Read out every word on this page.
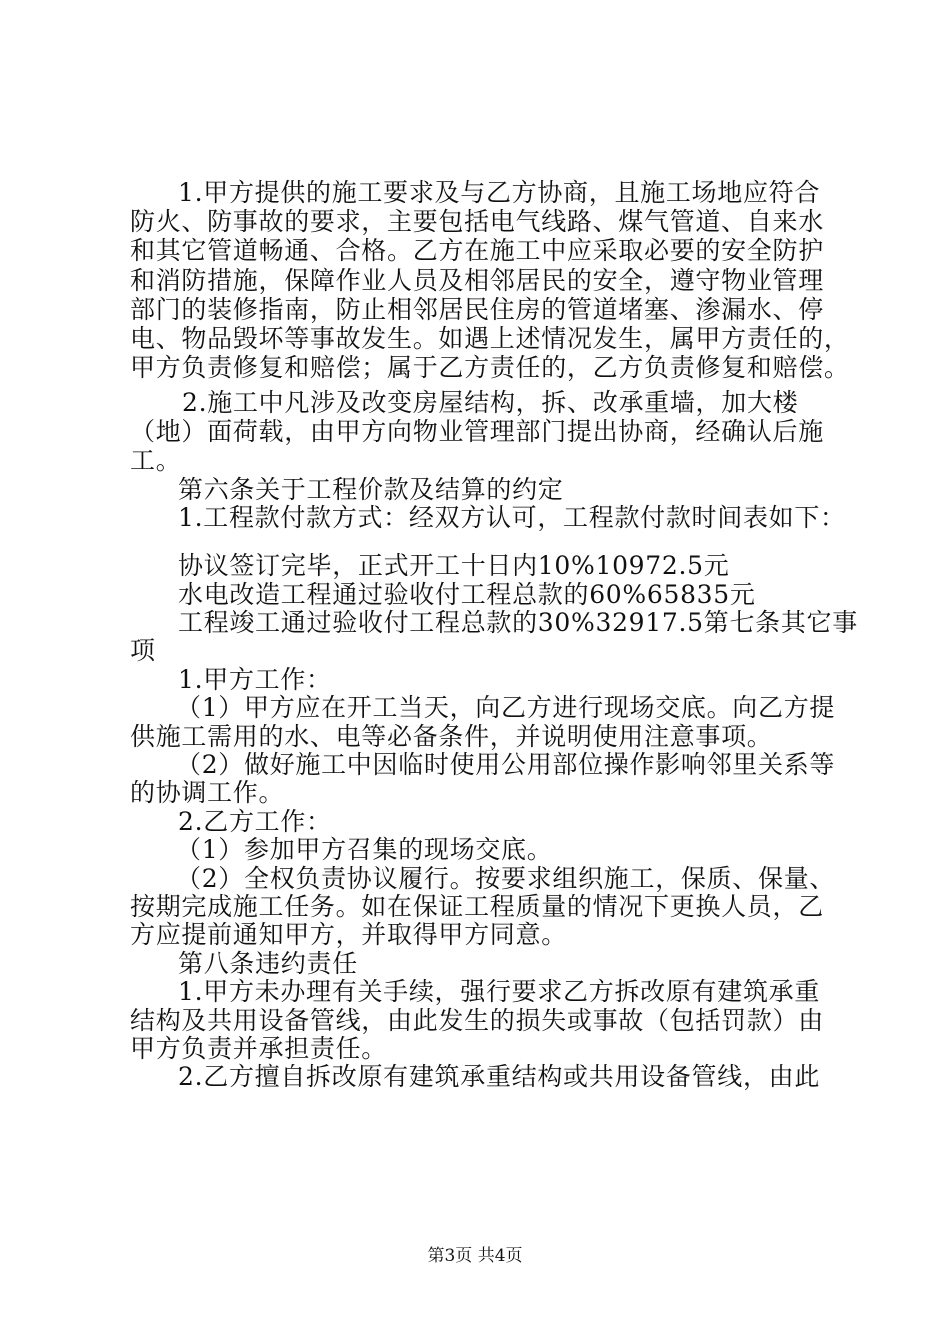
1.甲方提供的施工要求及与乙方协商，且施工场地应符合
防火、防事故的要求，主要包括电气线路、煤气管道、自来水
和其它管道畅通、合格。乙方在施工中应采取必要的安全防护
和消防措施，保障作业人员及相邻居民的安全，遵守物业管理
部门的装修指南，防止相邻居民住房的管道堵塞、渗漏水、停
电、物品毁坏等事故发生。如遇上述情况发生，属甲方责任的，
甲方负责修复和赔偿；属于乙方责任的，乙方负责修复和赔偿。
2.施工中凡涉及改变房屋结构，拆、改承重墙，加大楼
（地）面荷载，由甲方向物业管理部门提出协商，经确认后施
工。
第六条关于工程价款及结算的约定
1.工程款付款方式：经双方认可，工程款付款时间表如下：
协议签订完毕，正式开工十日内10%10972.5元
水电改造工程通过验收付工程总款的60%65835元
工程竣工通过验收付工程总款的30%32917.5第七条其它事
项
1.甲方工作：
（1）甲方应在开工当天，向乙方进行现场交底。向乙方提
供施工需用的水、电等必备条件，并说明使用注意事项。
（2）做好施工中因临时使用公用部位操作影响邻里关系等
的协调工作。
2.乙方工作：
（1）参加甲方召集的现场交底。
（2）全权负责协议履行。按要求组织施工，保质、保量、
按期完成施工任务。如在保证工程质量的情况下更换人员，乙
方应提前通知甲方，并取得甲方同意。
第八条违约责任
1.甲方未办理有关手续，强行要求乙方拆改原有建筑承重
结构及共用设备管线，由此发生的损失或事故（包括罚款）由
甲方负责并承担责任。
2.乙方擅自拆改原有建筑承重结构或共用设备管线，由此
第3页 共4页
